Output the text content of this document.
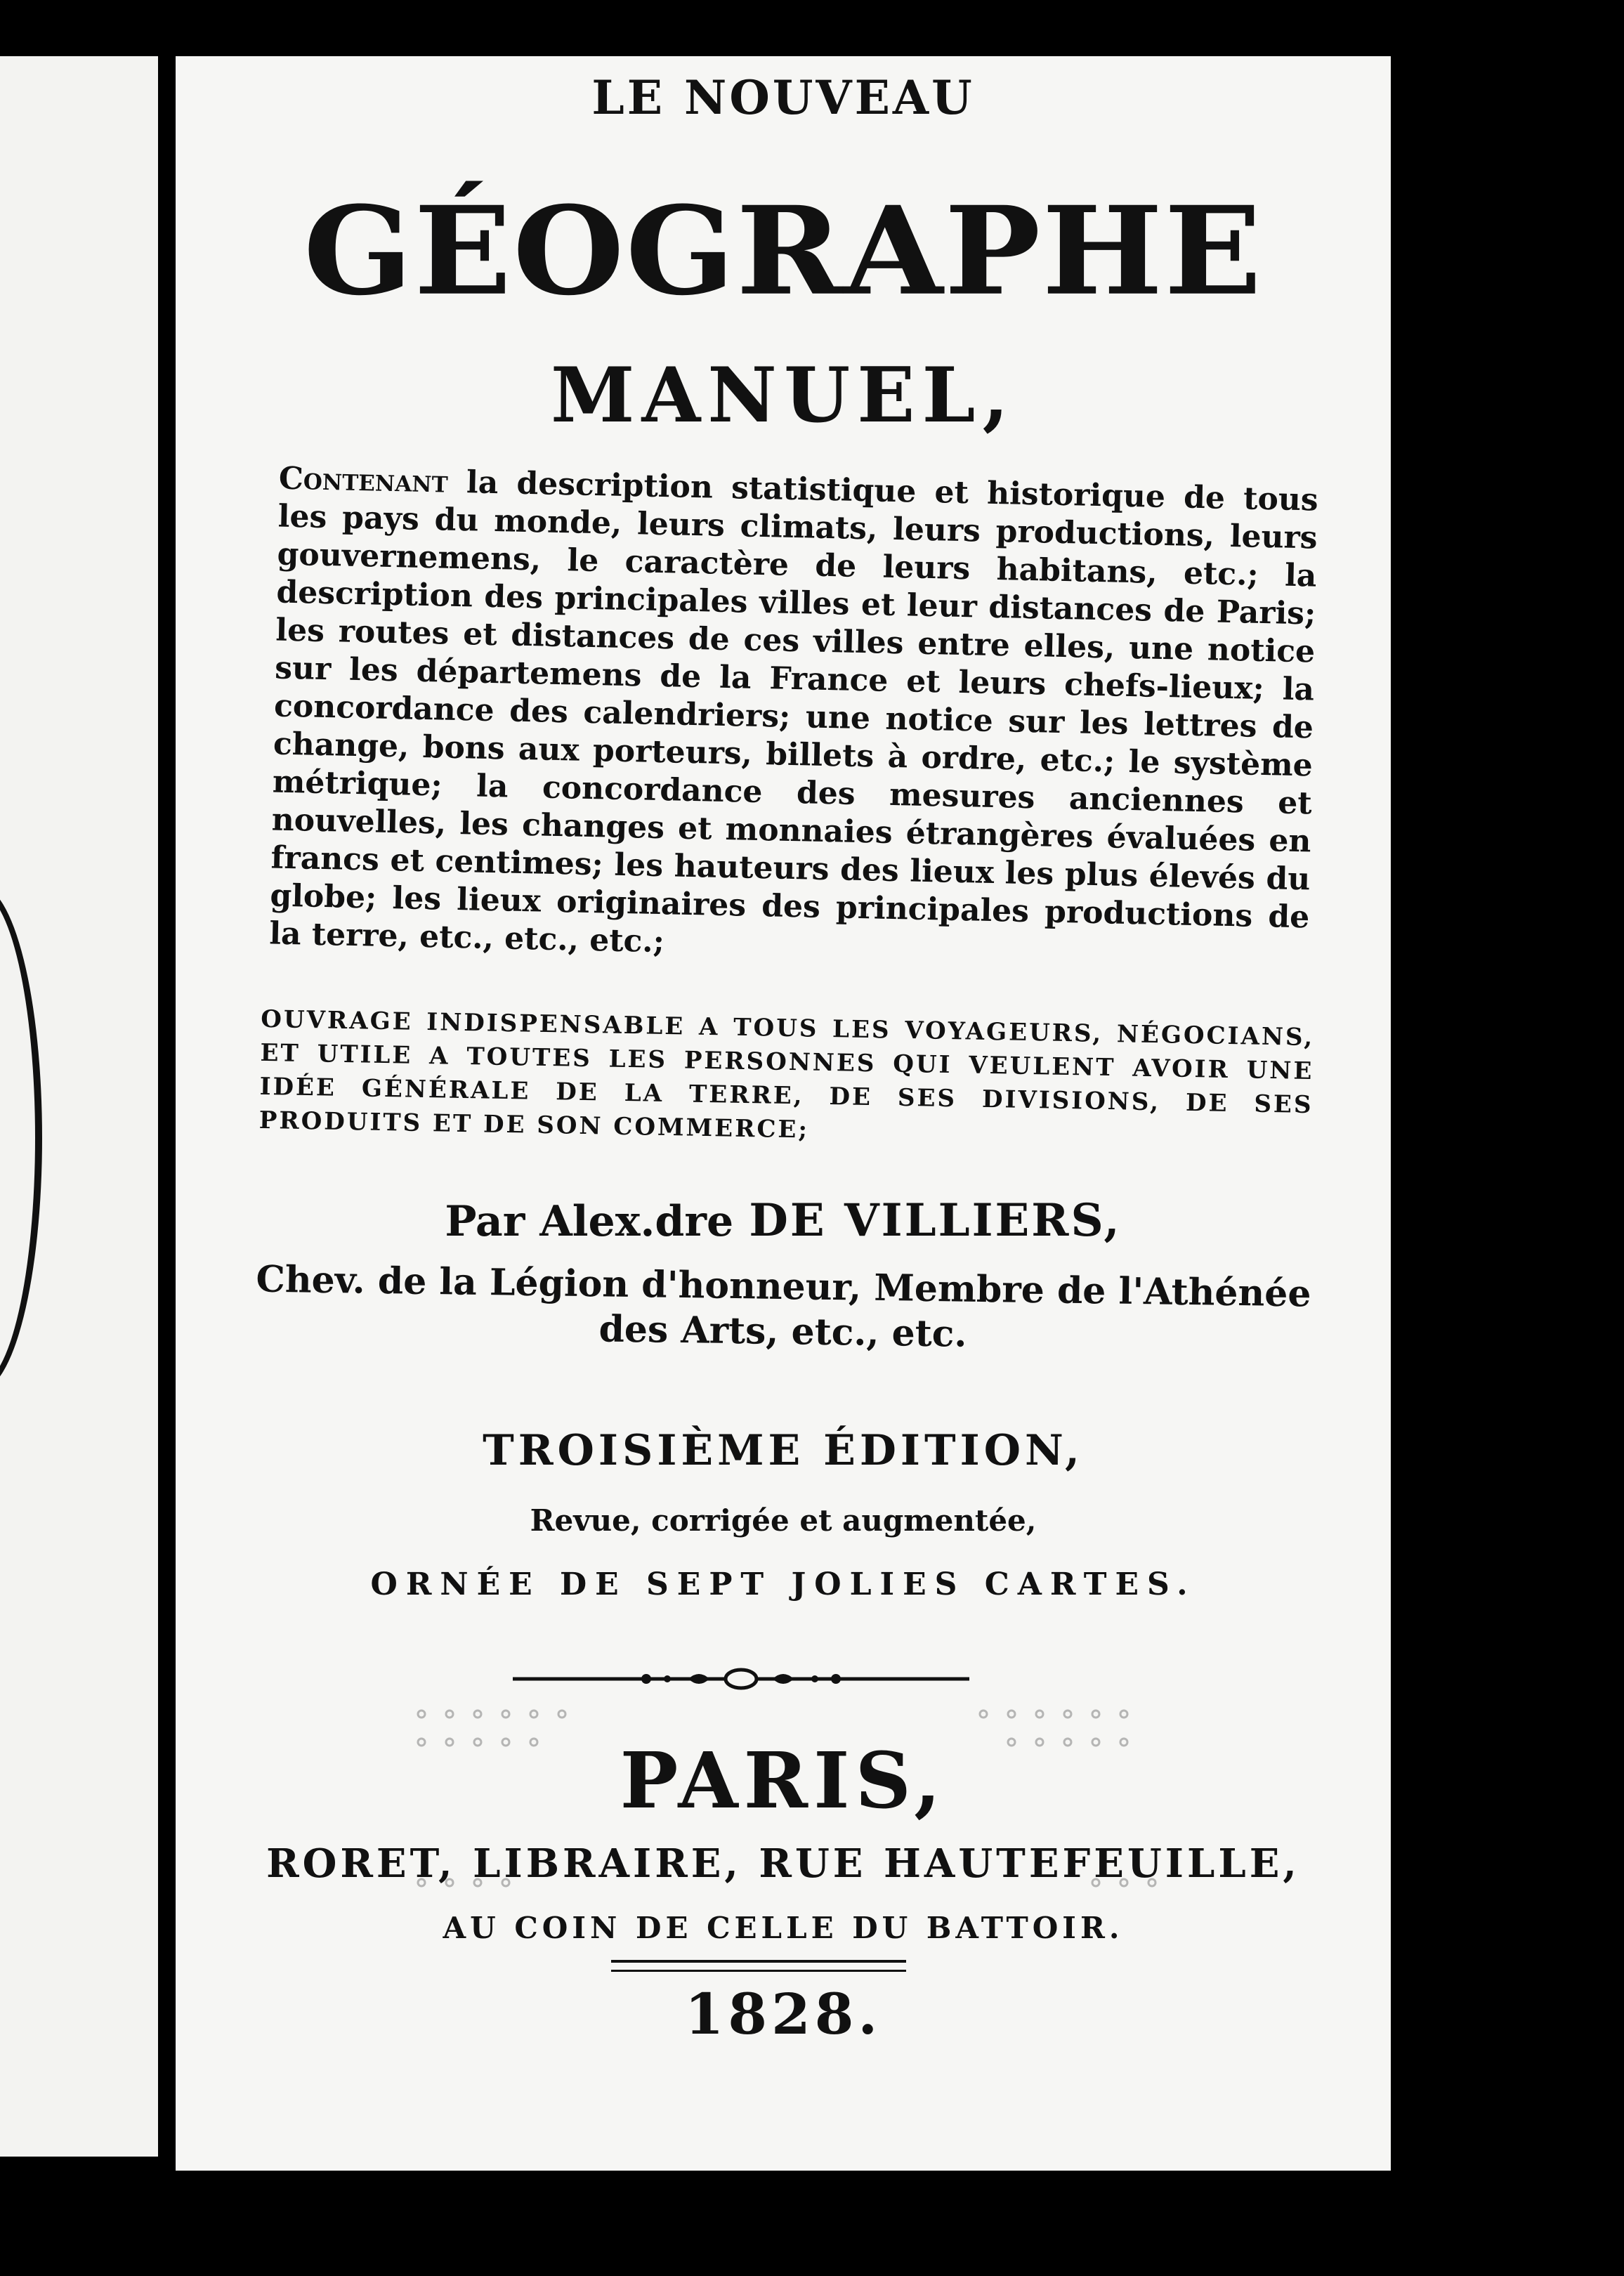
LE NOUVEAU
GÉOGRAPHE
MANUEL,
Contenant la description statistique et historique de tous les pays du monde, leurs climats, leurs productions, leurs gouvernemens, le caractère de leurs habitans, etc.; la description des principales villes et leur distances de Paris; les routes et distances de ces villes entre elles, une notice sur les départemens de la France et leurs chefs-lieux; la concordance des calendriers; une notice sur les lettres de change, bons aux porteurs, billets à ordre, etc.; le système métrique; la concordance des mesures anciennes et nouvelles, les changes et monnaies étrangères évaluées en francs et centimes; les hauteurs des lieux les plus élevés du globe; les lieux originaires des principales productions de la terre, etc., etc., etc.;
OUVRAGE INDISPENSABLE A TOUS LES VOYAGEURS, NÉGOCIANS, ET UTILE A TOUTES LES PERSONNES QUI VEULENT AVOIR UNE IDÉE GÉNÉRALE DE LA TERRE, DE SES DIVISIONS, DE SES PRODUITS ET DE SON COMMERCE;
Par Alex.dre DE VILLIERS,
Chev. de la Légion d'honneur, Membre de l'Athénée
des Arts, etc., etc.
TROISIÈME ÉDITION,
Revue, corrigée et augmentée,
ORNÉE DE SEPT JOLIES CARTES.
PARIS,
RORET, LIBRAIRE, RUE HAUTEFEUILLE,
AU COIN DE CELLE DU BATTOIR.
1828.
